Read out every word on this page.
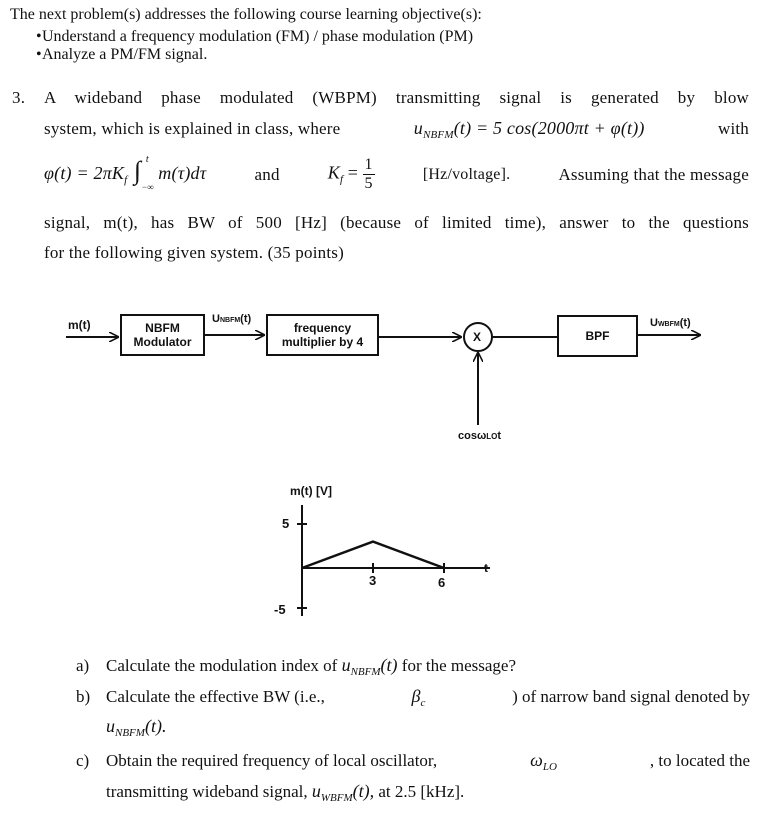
The next problem(s) addresses the following course learning objective(s):
•Understand a frequency modulation (FM) / phase modulation (PM)
•Analyze a PM/FM signal.
3. A wideband phase modulated (WBPM) transmitting signal is generated by blow
system, which is explained in class, where	$u_{NBFM}(t) = 5$ cos(2000πt + φ(t))	with
$\varphi(t) = 2\pi K_f$ ∫ t
−∞
m(τ)dτ	and	$K_f = \frac{1}{5}$	[Hz/voltage].	Assuming that the message
signal, m(t), has BW of 500 [Hz] (because of limited time), answer to the questions
for the following given system. (35 points)
m(t)	NBFM
Modulator
UNBFM(t)
frequency
multiplier by 4	X	BPF
UWBFM(t)
cosωLOt
m(t) [V]
5
-5
3	6
t
a) Calculate the modulation index of $u_{NBFM}(t)$ for the message?
b) Calculate the effective BW (i.e.,	$\beta_c$	) of narrow band signal denoted by
$u_{NBFM}(t)$.
c) Obtain the required frequency of local oscillator,	$\omega_{LO}$	, to located the
transmitting wideband signal, $u_{WBFM}(t)$, at 2.5 [kHz].
